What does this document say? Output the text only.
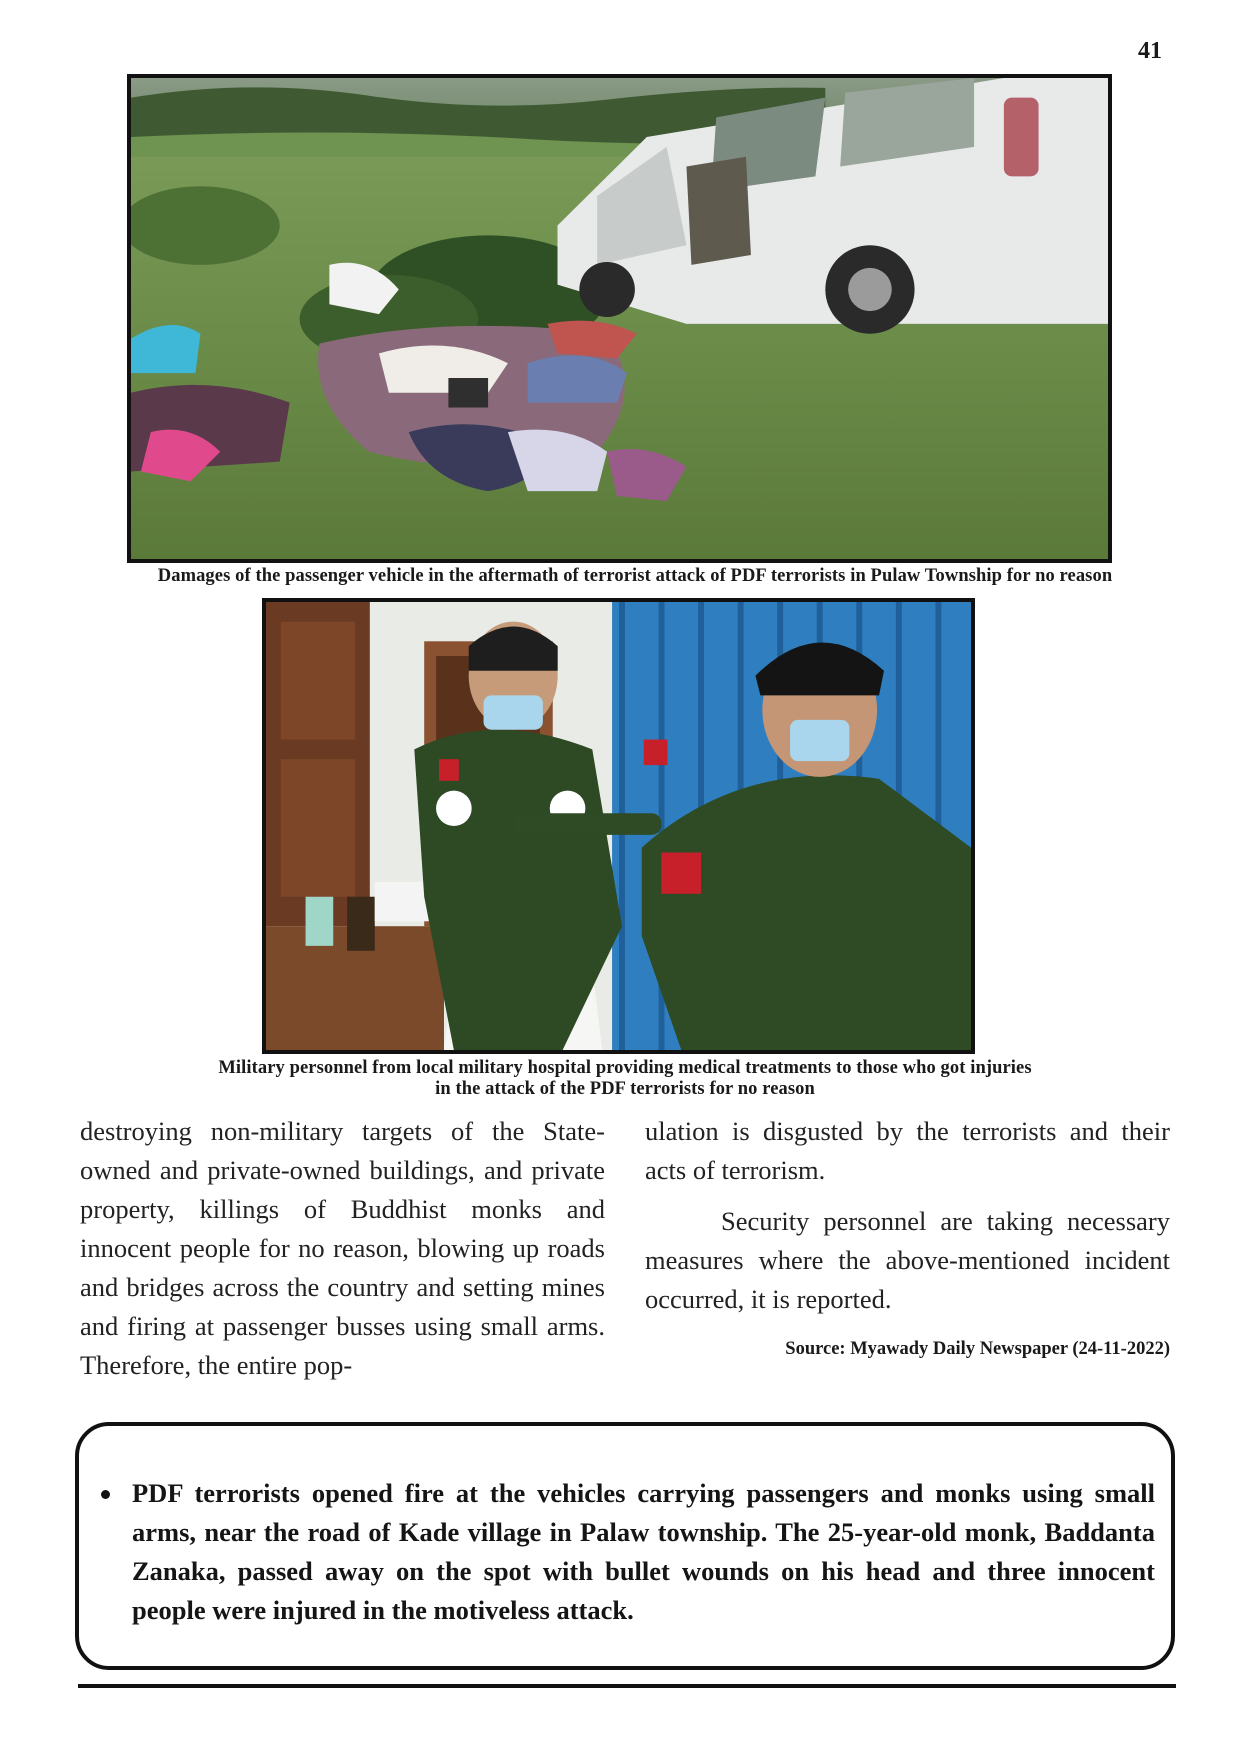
41
Damages of the passenger vehicle in the aftermath of terrorist attack of PDF terrorists in Pulaw Township for no reason
Military personnel from local military hospital providing medical treatments to those who got injuries
in the attack of the PDF terrorists for no reason

destroying non-military targets of the State-owned and private-owned buildings, and private property, killings of Buddhist monks and innocent people for no reason, blowing up roads and bridges across the country and setting mines and firing at passenger busses using small arms. Therefore, the entire pop-

ulation is disgusted by the terrorists and their acts of terrorism.

Security personnel are taking necessary measures where the above-mentioned incident occurred, it is reported.

Source: Myawady Daily Newspaper (24-11-2022)
PDF terrorists opened fire at the vehicles carrying passengers and monks using small arms, near the road of Kade village in Palaw township. The 25-year-old monk, Baddanta Zanaka, passed away on the spot with bullet wounds on his head and three innocent people were injured in the motiveless attack.
